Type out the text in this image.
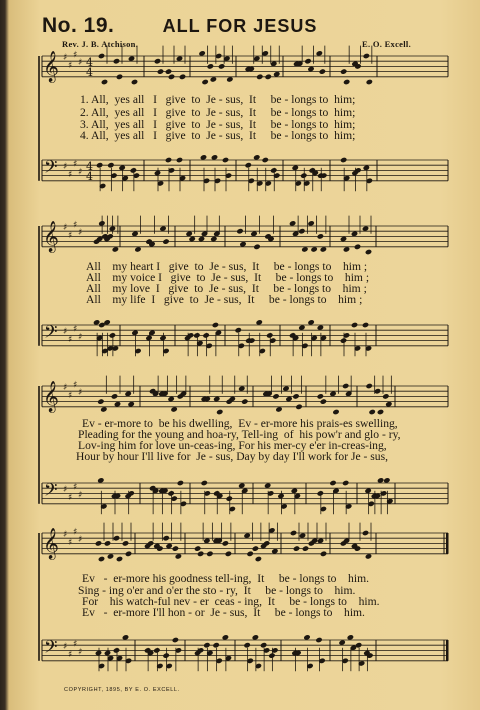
No. 19.	ALL FOR JESUS
Rev. J. B. Atchison.	E. O. Excell.
𝄞 ♯
♯
♯
♯
𝄢 ♯
♯
♯
♯
4
4
4
4
𝄞 ♯
♯
♯
♯
𝄢 ♯
♯
♯
♯
𝄞 ♯
♯
♯
♯
𝄢 ♯
♯
♯
♯
𝄞 ♯
♯
♯
♯
𝄢 ♯
♯
♯
♯
1. All,  yes all   I   give  to  Je - sus,  It     be - longs to  him;
2. All,  yes all   I   give  to  Je - sus,  It     be - longs to  him;
3. All,  yes all   I   give  to  Je - sus,  It     be - longs to  him;
4. All,  yes all   I   give  to  Je - sus,  It     be - longs to  him;
All    my heart I   give  to  Je - sus,  It     be - longs to    him ;
All    my voice I   give  to  Je - sus,  It     be - longs to    him ;
All    my love  I   give  to  Je - sus,  It     be - longs to    him ;
All    my life  I   give  to  Je - sus,  It     be - longs to    him ;
Ev - er-more to  be his dwelling,  Ev - er-more his prais-es swelling,
Pleading for the young and hoa-ry, Tell-ing  of  his pow'r and glo - ry,
Lov-ing him for love un-ceas-ing, For his mer-cy e'er in-creas-ing,
Hour by hour I'll live for  Je - sus, Day by day I'll work for Je - sus,
Ev   -  er-more his goodness tell-ing,  It     be - longs to    him.
Sing - ing o'er and o'er the sto - ry,  It     be - longs to    him.
For    his watch-ful nev - er  ceas - ing,  It     be - longs to    him.
Ev   -  er-more I'll hon - or  Je - sus,  It     be - longs to    him.
COPYRIGHT, 1895, BY E. O. EXCELL.
